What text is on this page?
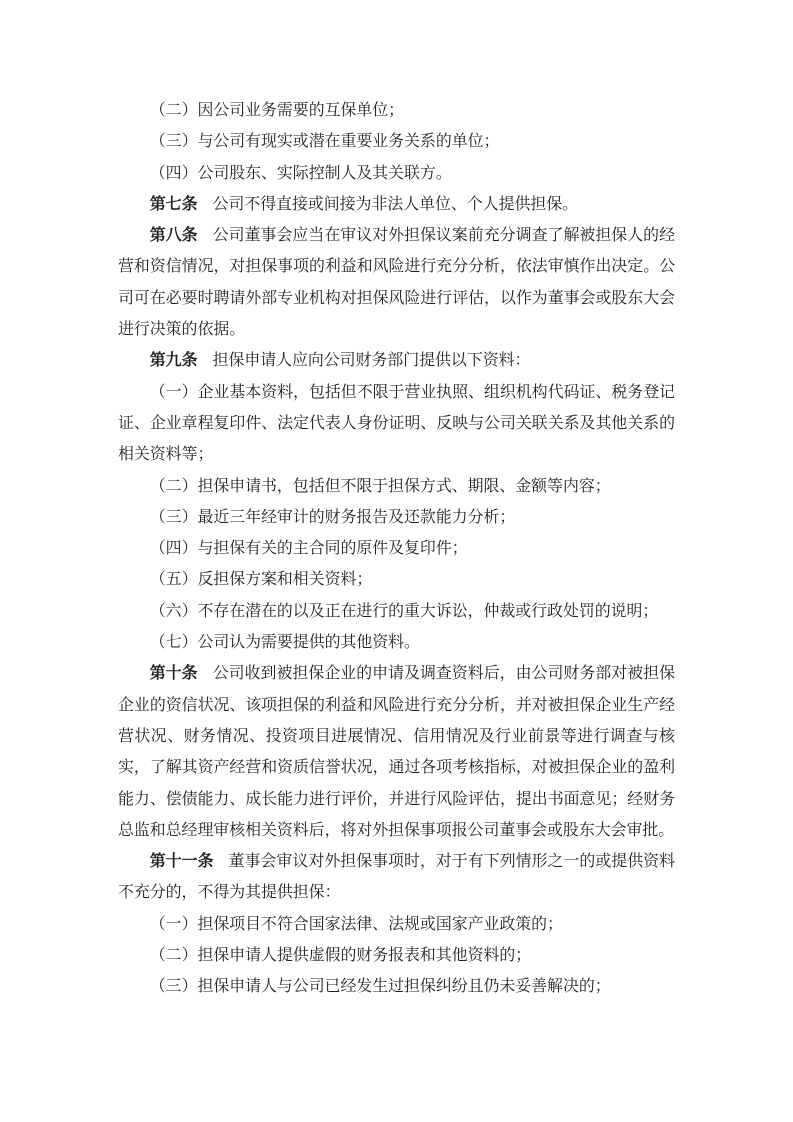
（二）因公司业务需要的互保单位；

（三）与公司有现实或潜在重要业务关系的单位；

（四）公司股东、实际控制人及其关联方。

第七条 公司不得直接或间接为非法人单位、个人提供担保。

第八条 公司董事会应当在审议对外担保议案前充分调查了解被担保人的经营和资信情况，对担保事项的利益和风险进行充分分析，依法审慎作出决定。公司可在必要时聘请外部专业机构对担保风险进行评估，以作为董事会或股东大会进行决策的依据。

第九条 担保申请人应向公司财务部门提供以下资料：

（一）企业基本资料，包括但不限于营业执照、组织机构代码证、税务登记证、企业章程复印件、法定代表人身份证明、反映与公司关联关系及其他关系的相关资料等；

（二）担保申请书，包括但不限于担保方式、期限、金额等内容；

（三）最近三年经审计的财务报告及还款能力分析；

（四）与担保有关的主合同的原件及复印件；

（五）反担保方案和相关资料；

（六）不存在潜在的以及正在进行的重大诉讼，仲裁或行政处罚的说明；

（七）公司认为需要提供的其他资料。

第十条 公司收到被担保企业的申请及调查资料后，由公司财务部对被担保企业的资信状况、该项担保的利益和风险进行充分分析，并对被担保企业生产经营状况、财务情况、投资项目进展情况、信用情况及行业前景等进行调查与核实，了解其资产经营和资质信誉状况，通过各项考核指标，对被担保企业的盈利能力、偿债能力、成长能力进行评价，并进行风险评估，提出书面意见；经财务总监和总经理审核相关资料后，将对外担保事项报公司董事会或股东大会审批。

第十一条 董事会审议对外担保事项时，对于有下列情形之一的或提供资料不充分的，不得为其提供担保：

（一）担保项目不符合国家法律、法规或国家产业政策的；

（二）担保申请人提供虚假的财务报表和其他资料的；

（三）担保申请人与公司已经发生过担保纠纷且仍未妥善解决的；
